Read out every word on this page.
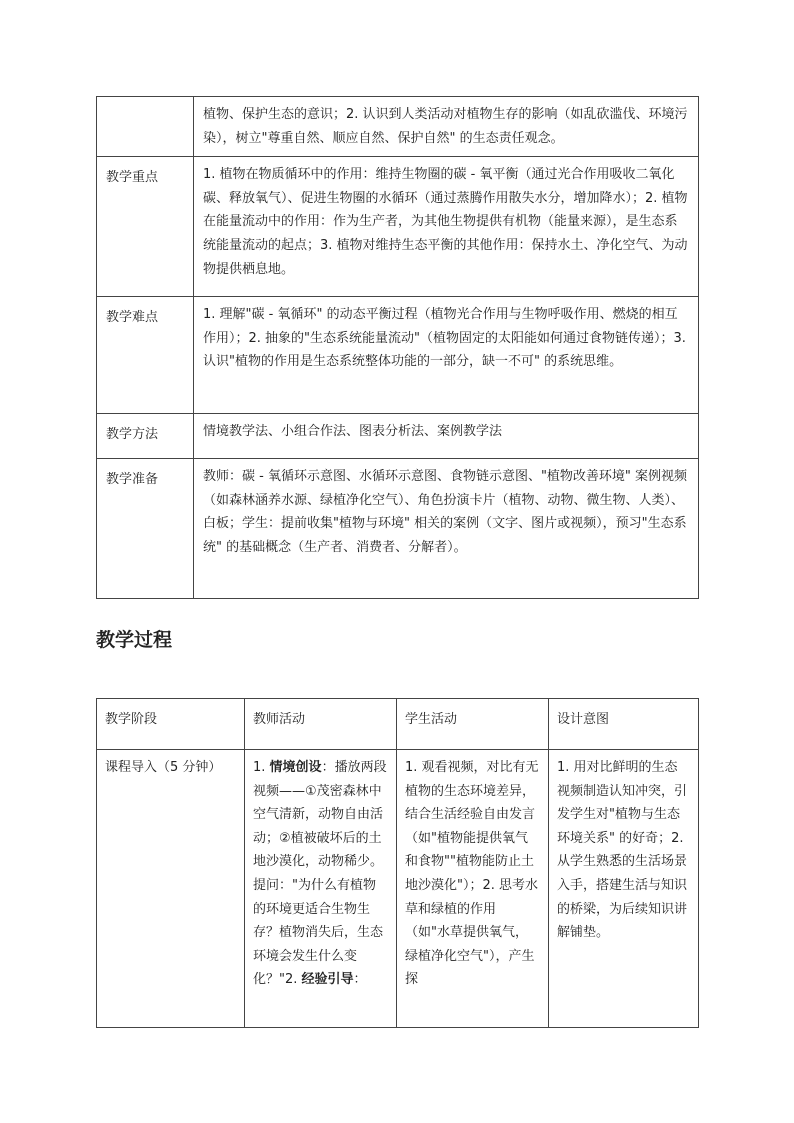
	植物、保护生态的意识；2. 认识到人类活动对植物生存的影响（如乱砍滥伐、环境污染），树立"尊重自然、顺应自然、保护自然" 的生态责任观念。
教学重点	1. 植物在物质循环中的作用：维持生物圈的碳 - 氧平衡（通过光合作用吸收二氧化碳、释放氧气）、促进生物圈的水循环（通过蒸腾作用散失水分，增加降水）；2. 植物在能量流动中的作用：作为生产者，为其他生物提供有机物（能量来源），是生态系统能量流动的起点；3. 植物对维持生态平衡的其他作用：保持水土、净化空气、为动物提供栖息地。
教学难点	1. 理解"碳 - 氧循环" 的动态平衡过程（植物光合作用与生物呼吸作用、燃烧的相互作用）；2. 抽象的"生态系统能量流动"（植物固定的太阳能如何通过食物链传递）；3. 认识"植物的作用是生态系统整体功能的一部分，缺一不可" 的系统思维。
教学方法	情境教学法、小组合作法、图表分析法、案例教学法
教学准备	教师：碳 - 氧循环示意图、水循环示意图、食物链示意图、"植物改善环境" 案例视频（如森林涵养水源、绿植净化空气）、角色扮演卡片（植物、动物、微生物、人类）、白板；学生：提前收集"植物与环境" 相关的案例（文字、图片或视频），预习"生态系统" 的基础概念（生产者、消费者、分解者）。
教学过程
教学阶段	教师活动	学生活动	设计意图
课程导入（5 分钟）	1. 情境创设：播放两段视频——①茂密森林中空气清新，动物自由活动；②植被破坏后的土地沙漠化，动物稀少。提问："为什么有植物的环境更适合生物生存？植物消失后，生态环境会发生什么变化？"2. 经验引导：	1. 观看视频，对比有无植物的生态环境差异，结合生活经验自由发言（如"植物能提供氧气和食物""植物能防止土地沙漠化"）；2. 思考水草和绿植的作用（如"水草提供氧气，绿植净化空气"），产生探	1. 用对比鲜明的生态视频制造认知冲突，引发学生对"植物与生态环境关系" 的好奇；2. 从学生熟悉的生活场景入手，搭建生活与知识的桥梁，为后续知识讲解铺垫。
